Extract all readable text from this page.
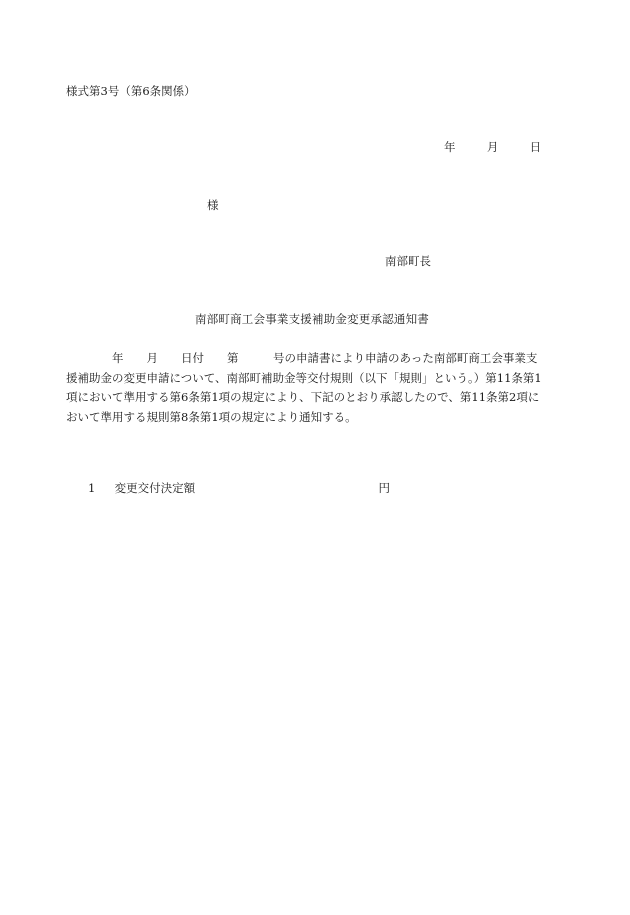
様式第3号（第6条関係）
年	月	日
様
南部町長
南部町商工会事業支援補助金変更承認通知書
年　　月　　日付　　第　　　号の申請書により申請のあった南部町商工会事業支
援補助金の変更申請について、南部町補助金等交付規則（以下「規則」という。）第11条第1
項において準用する第6条第1項の規定により、下記のとおり承認したので、第11条第2項に
おいて準用する規則第8条第1項の規定により通知する。
1 変更交付決定額	円
